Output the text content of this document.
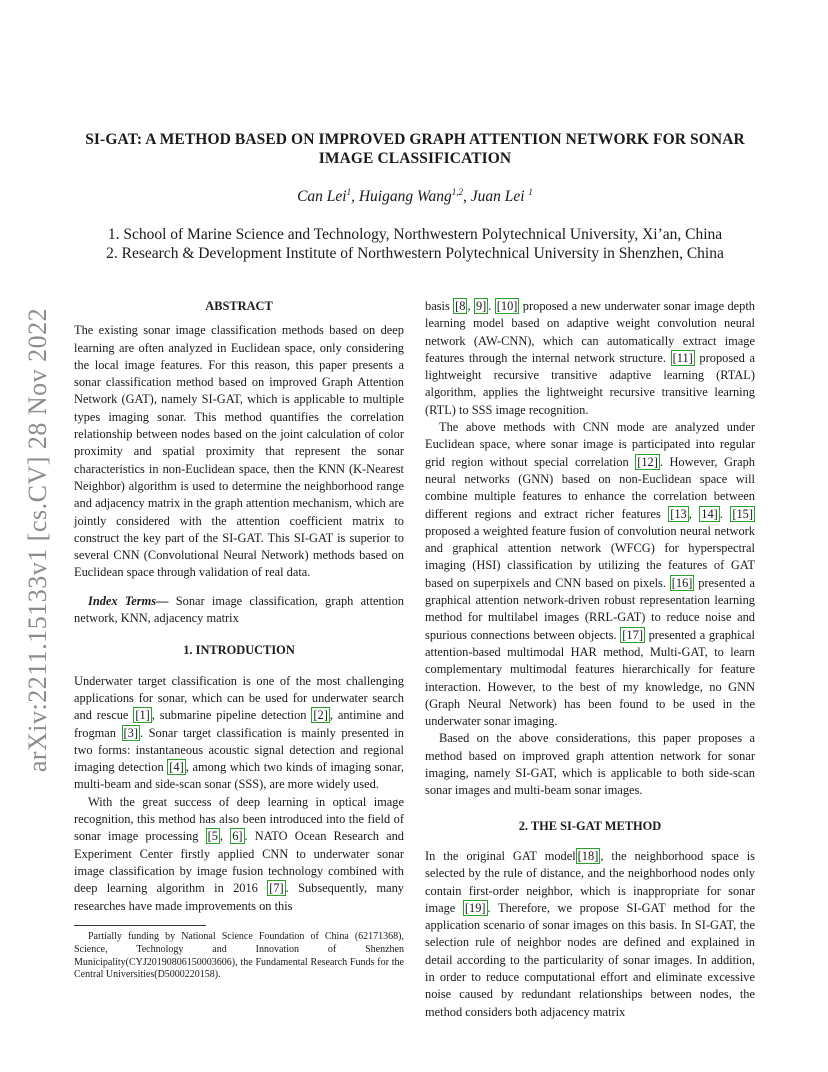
arXiv:2211.15133v1 [cs.CV] 28 Nov 2022
SI-GAT: A METHOD BASED ON IMPROVED GRAPH ATTENTION NETWORK FOR SONAR
IMAGE CLASSIFICATION
Can Lei$^1$, Huigang Wang$^{1,2}$, Juan Lei $^1$
1. School of Marine Science and Technology, Northwestern Polytechnical University, Xi’an, China
2. Research & Development Institute of Northwestern Polytechnical University in Shenzhen, China
ABSTRACT

The existing sonar image classification methods based on deep learning are often analyzed in Euclidean space, only considering the local image features. For this reason, this paper presents a sonar classification method based on improved Graph Attention Network (GAT), namely SI-GAT, which is applicable to multiple types imaging sonar. This method quantifies the correlation relationship between nodes based on the joint calculation of color proximity and spatial proximity that represent the sonar characteristics in non-Euclidean space, then the KNN (K-Nearest Neighbor) algorithm is used to determine the neighborhood range and adjacency matrix in the graph attention mechanism, which are jointly considered with the attention coefficient matrix to construct the key part of the SI-GAT. This SI-GAT is superior to several CNN (Convolutional Neural Network) methods based on Euclidean space through validation of real data.

Index Terms— Sonar image classification, graph attention network, KNN, adjacency matrix

1. INTRODUCTION

Underwater target classification is one of the most challenging applications for sonar, which can be used for underwater search and rescue [1] , submarine pipeline detection [2] , antimine and frogman [3] . Sonar target classification is mainly presented in two forms: instantaneous acoustic signal detection and regional imaging detection [4] , among which two kinds of imaging sonar, multi-beam and side-scan sonar (SSS), are more widely used.

With the great success of deep learning in optical image recognition, this method has also been introduced into the field of sonar image processing [5 , 6] . NATO Ocean Research and Experiment Center firstly applied CNN to underwater sonar image classification by image fusion technology combined with deep learning algorithm in 2016 [7] . Subsequently, many researches have made improvements on this

Partially funding by National Science Foundation of China (62171368), Science, Technology and Innovation of Shenzhen Municipality(CYJ20190806150003606), the Fundamental Research Funds for the Central Universities(D5000220158).

basis [8 , 9] . [10] proposed a new underwater sonar image depth learning model based on adaptive weight convolution neural network (AW-CNN), which can automatically extract image features through the internal network structure. [11] proposed a lightweight recursive transitive adaptive learning (RTAL) algorithm, applies the lightweight recursive transitive learning (RTL) to SSS image recognition.

The above methods with CNN mode are analyzed under Euclidean space, where sonar image is participated into regular grid region without special correlation [12] . However, Graph neural networks (GNN) based on non-Euclidean space will combine multiple features to enhance the correlation between different regions and extract richer features [13 , 14] . [15] proposed a weighted feature fusion of convolution neural network and graphical attention network (WFCG) for hyperspectral imaging (HSI) classification by utilizing the features of GAT based on superpixels and CNN based on pixels. [16] presented a graphical attention network-driven robust representation learning method for multilabel images (RRL-GAT) to reduce noise and spurious connections between objects. [17] presented a graphical attention-based multimodal HAR method, Multi-GAT, to learn complementary multimodal features hierarchically for feature interaction. However, to the best of my knowledge, no GNN (Graph Neural Network) has been found to be used in the underwater sonar imaging.

Based on the above considerations, this paper proposes a method based on improved graph attention network for sonar imaging, namely SI-GAT, which is applicable to both side-scan sonar images and multi-beam sonar images.

2. THE SI-GAT METHOD

In the original GAT model [18] , the neighborhood space is selected by the rule of distance, and the neighborhood nodes only contain first-order neighbor, which is inappropriate for sonar image [19] . Therefore, we propose SI-GAT method for the application scenario of sonar images on this basis. In SI-GAT, the selection rule of neighbor nodes are defined and explained in detail according to the particularity of sonar images. In addition, in order to reduce computational effort and eliminate excessive noise caused by redundant relationships between nodes, the method considers both adjacency matrix
